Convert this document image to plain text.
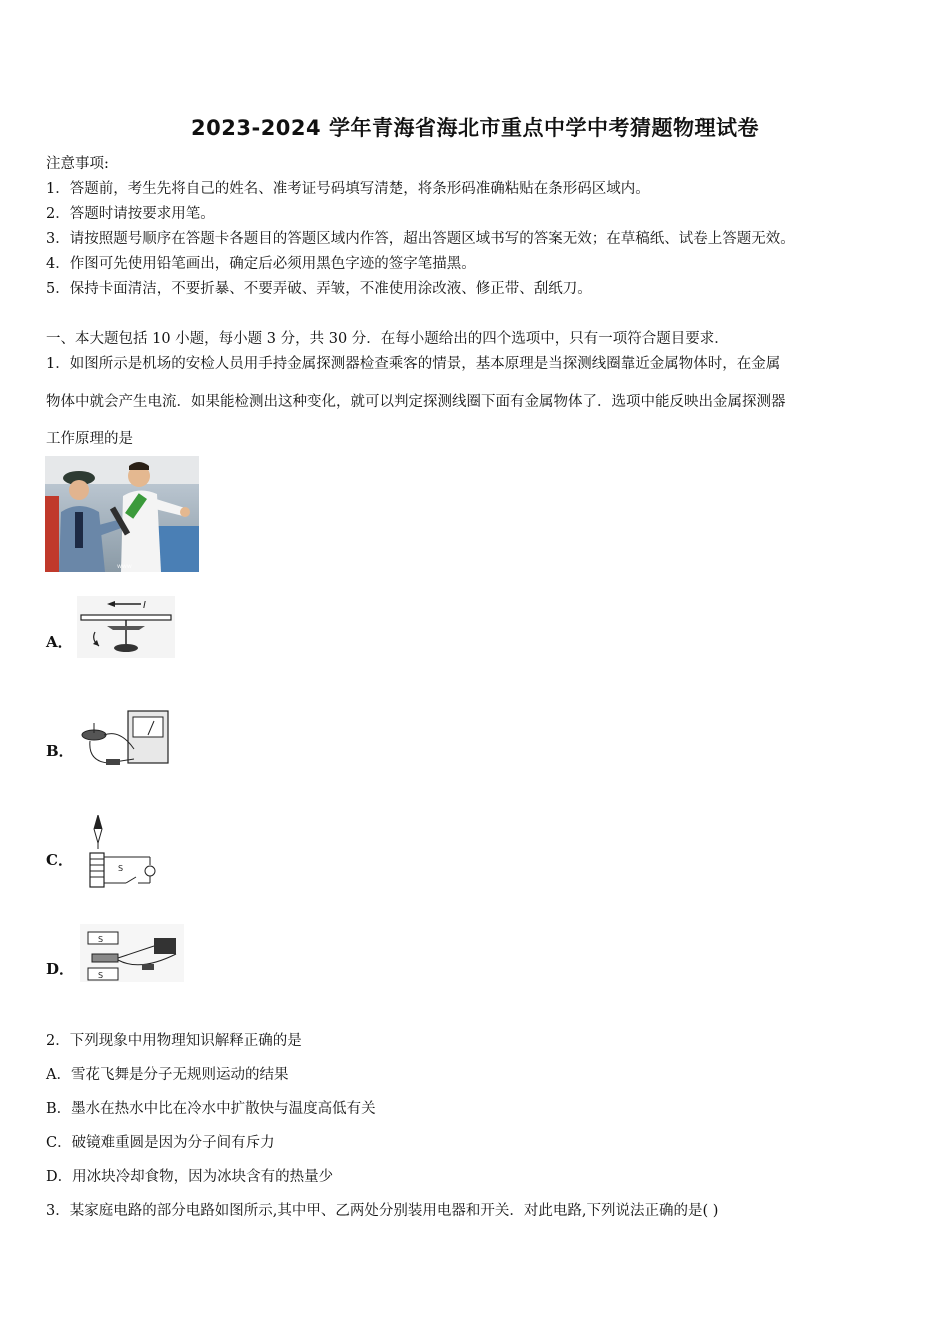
2023-2024 学年青海省海北市重点中学中考猜题物理试卷
注意事项:
1．答题前，考生先将自己的姓名、准考证号码填写清楚，将条形码准确粘贴在条形码区域内。
2．答题时请按要求用笔。
3．请按照题号顺序在答题卡各题目的答题区域内作答，超出答题区域书写的答案无效；在草稿纸、试卷上答题无效。
4．作图可先使用铅笔画出，确定后必须用黑色字迹的签字笔描黑。
5．保持卡面清洁，不要折暴、不要弄破、弄皱，不准使用涂改液、修正带、刮纸刀。
一、本大题包括 10 小题，每小题 3 分，共 30 分．在每小题给出的四个选项中，只有一项符合题目要求．
1．如图所示是机场的安检人员用手持金属探测器检查乘客的情景，基本原理是当探测线圈靠近金属物体时，在金属
物体中就会产生电流．如果能检测出这种变化，就可以判定探测线圈下面有金属物体了．选项中能反映出金属探测器
工作原理的是
www
A．
I
B．
C．	S
D．
S
S
2．下列现象中用物理知识解释正确的是
A．雪花飞舞是分子无规则运动的结果
B．墨水在热水中比在冷水中扩散快与温度高低有关
C．破镜难重圆是因为分子间有斥力
D．用冰块冷却食物，因为冰块含有的热量少
3．某家庭电路的部分电路如图所示,其中甲、乙两处分别装用电器和开关．对此电路,下列说法正确的是( )
